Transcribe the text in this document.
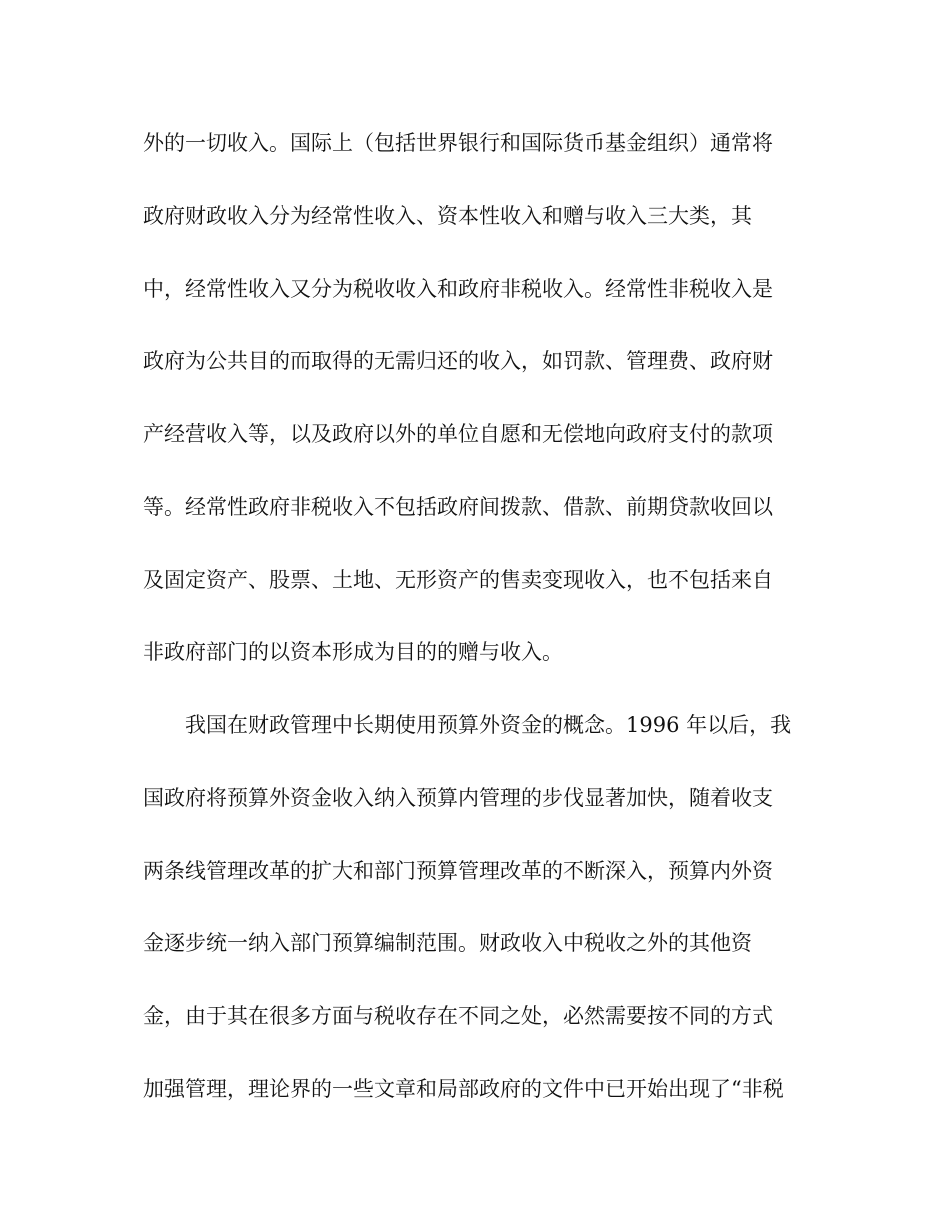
外的一切收入。国际上（包括世界银行和国际货币基金组织）通常将

政府财政收入分为经常性收入、资本性收入和赠与收入三大类，其

中，经常性收入又分为税收收入和政府非税收入。经常性非税收入是

政府为公共目的而取得的无需归还的收入，如罚款、管理费、政府财

产经营收入等，以及政府以外的单位自愿和无偿地向政府支付的款项

等。经常性政府非税收入不包括政府间拨款、借款、前期贷款收回以

及固定资产、股票、土地、无形资产的售卖变现收入，也不包括来自

非政府部门的以资本形成为目的的赠与收入。

我国在财政管理中长期使用预算外资金的概念。1996 年以后，我

国政府将预算外资金收入纳入预算内管理的步伐显著加快，随着收支

两条线管理改革的扩大和部门预算管理改革的不断深入，预算内外资

金逐步统一纳入部门预算编制范围。财政收入中税收之外的其他资

金，由于其在很多方面与税收存在不同之处，必然需要按不同的方式

加强管理，理论界的一些文章和局部政府的文件中已开始出现了“非税
